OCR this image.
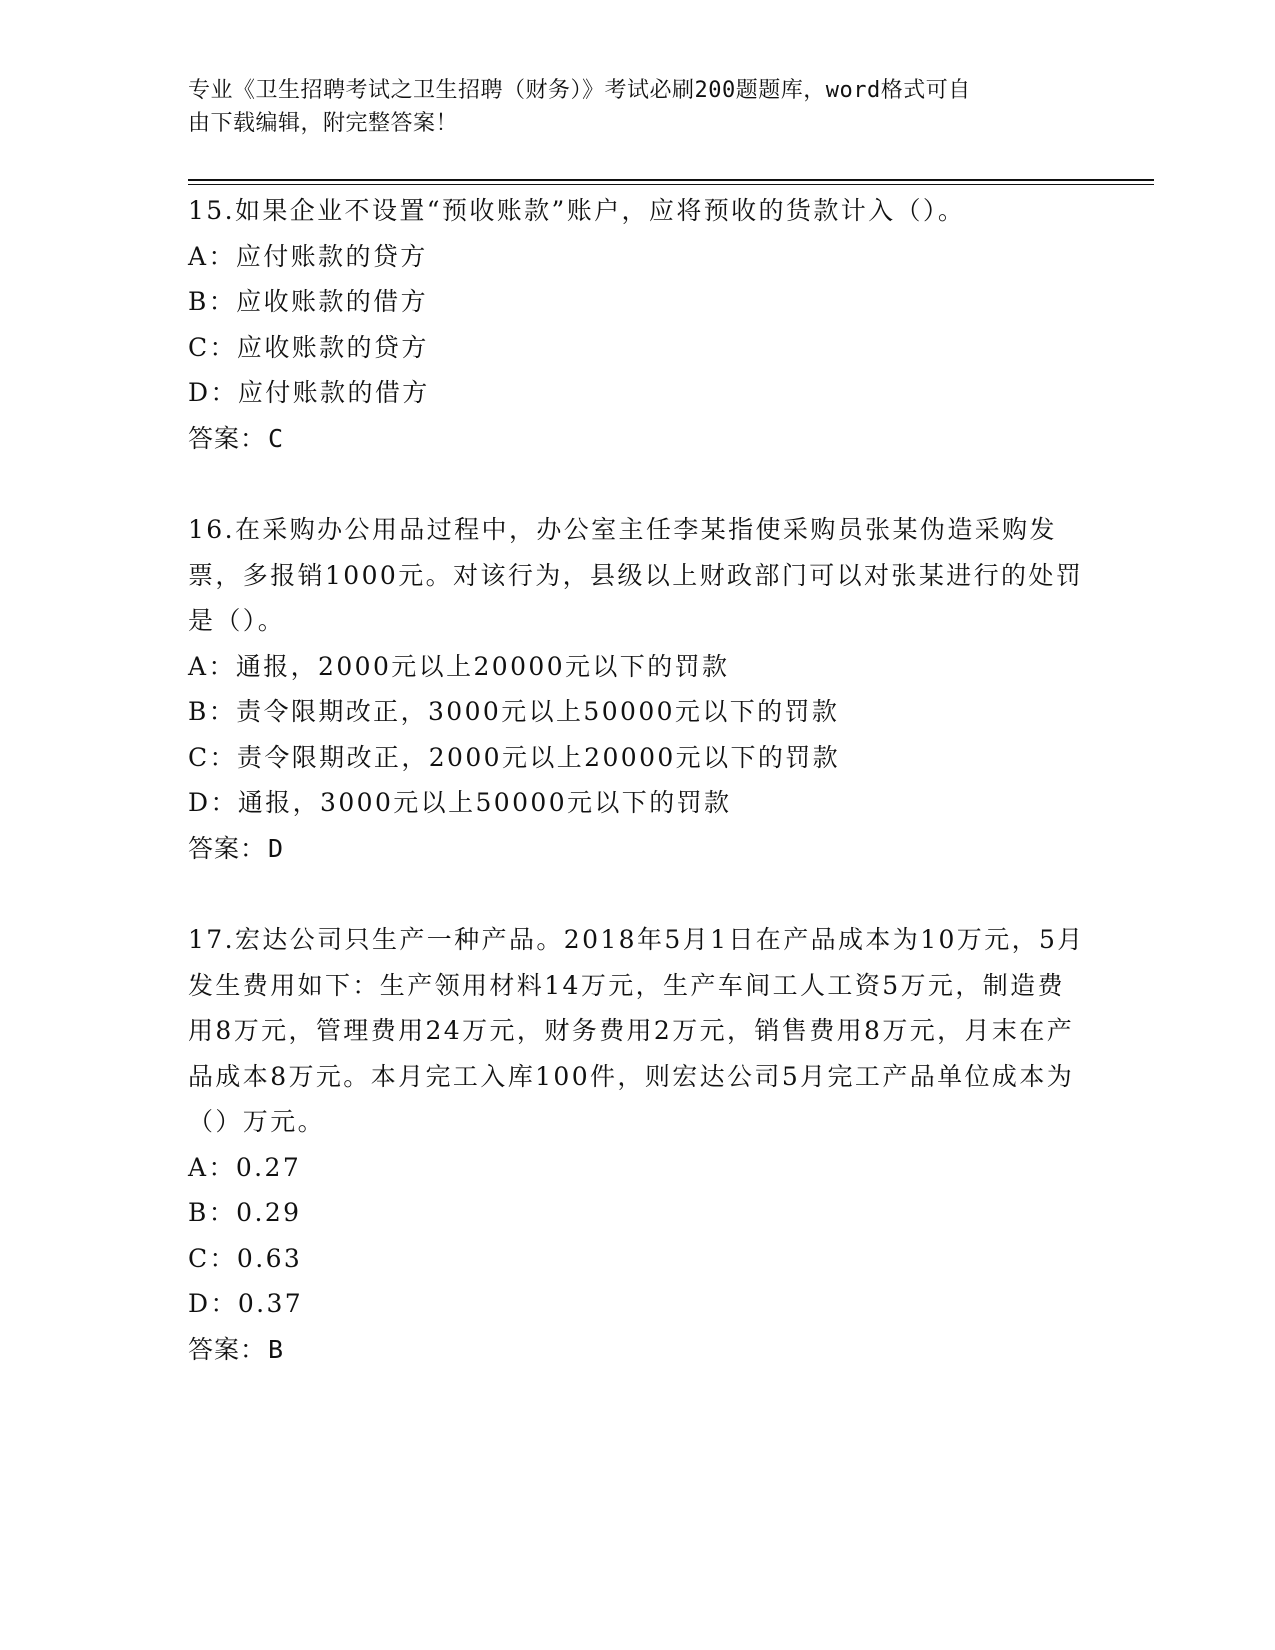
专业《卫生招聘考试之卫生招聘（财务）》考试必刷200题题库，word格式可自
由下载编辑，附完整答案！

15.如果企业不设置“预收账款”账户，应将预收的货款计入（）。

A：应付账款的贷方

B：应收账款的借方

C：应收账款的贷方

D：应付账款的借方

答案：C

16.在采购办公用品过程中，办公室主任李某指使采购员张某伪造采购发票，多报销1000元。对该行为，县级以上财政部门可以对张某进行的处罚是（）。

A：通报，2000元以上20000元以下的罚款

B：责令限期改正，3000元以上50000元以下的罚款

C：责令限期改正，2000元以上20000元以下的罚款

D：通报，3000元以上50000元以下的罚款

答案：D

17.宏达公司只生产一种产品。2018年5月1日在产品成本为10万元，5月发生费用如下：生产领用材料14万元，生产车间工人工资5万元，制造费用8万元，管理费用24万元，财务费用2万元，销售费用8万元，月末在产品成本8万元。本月完工入库100件，则宏达公司5月完工产品单位成本为（）万元。

A：0.27

B：0.29

C：0.63

D：0.37

答案：B
